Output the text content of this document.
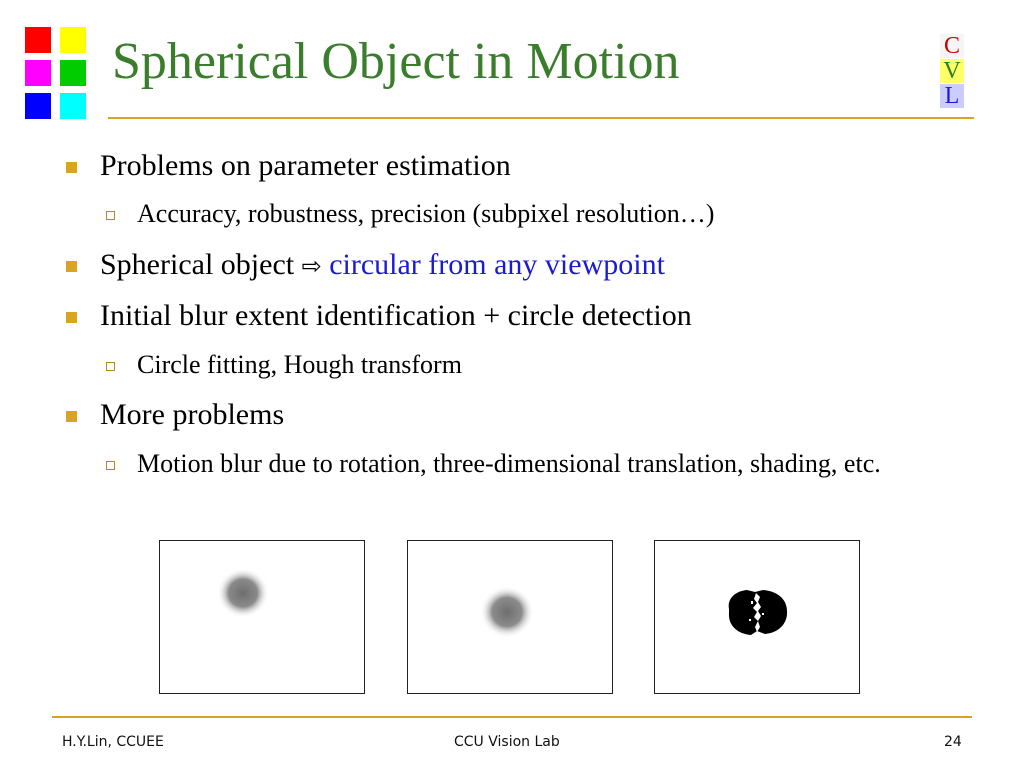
Spherical Object in Motion	C
V
L
Problems on parameter estimation
Accuracy, robustness, precision (subpixel resolution…)
Spherical object ⇨ circular from any viewpoint
Initial blur extent identification + circle detection
Circle fitting, Hough transform
More problems
Motion blur due to rotation, three-dimensional translation, shading, etc.
H.Y.Lin, CCUEE	CCU Vision Lab	24
